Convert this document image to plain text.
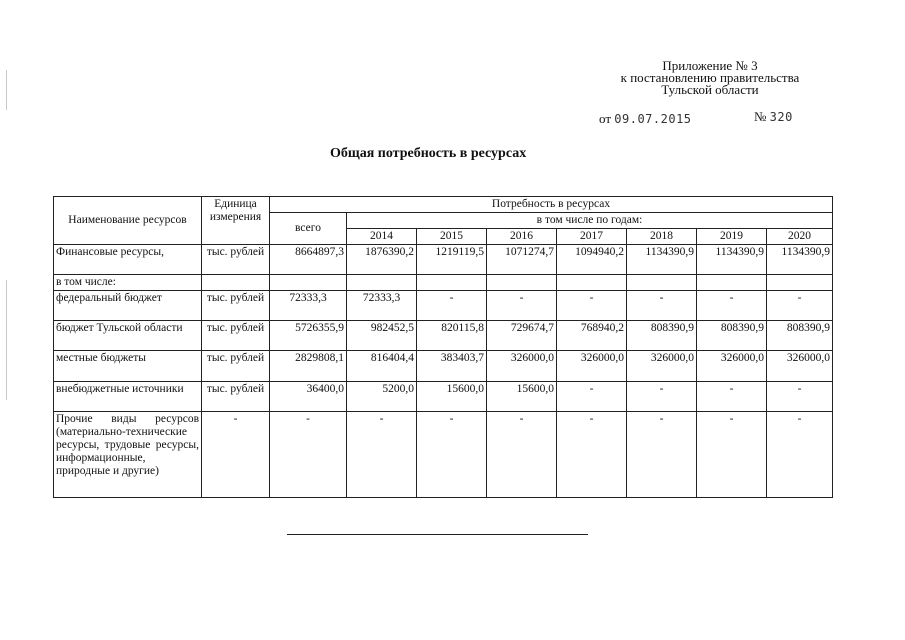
Приложение № 3
к постановлению правительства
Тульской области
от 09.07.2015	№ 320
Общая потребность в ресурсах
Наименование ресурсов	Единица измерения	Потребность в ресурсах							
		всего	в том числе по годам:						
			2014	2015	2016	2017	2018	2019	2020
Финансовые ресурсы,	тыс. рублей	8664897,3	1876390,2	1219119,5	1071274,7	1094940,2	1134390,9	1134390,9	1134390,9
в том числе:									
федеральный бюджет	тыс. рублей	72333,3	72333,3	-	-	-	-	-	-
бюджет Тульской области	тыс. рублей	5726355,9	982452,5	820115,8	729674,7	768940,2	808390,9	808390,9	808390,9
местные бюджеты	тыс. рублей	2829808,1	816404,4	383403,7	326000,0	326000,0	326000,0	326000,0	326000,0
внебюджетные источники	тыс. рублей	36400,0	5200,0	15600,0	15600,0	-	-	-	-
Прочие виды ресурсов (материально-технические ресурсы, трудовые ресурсы, информационные, природные и другие)	-	-	-	-	-	-	-	-	-
